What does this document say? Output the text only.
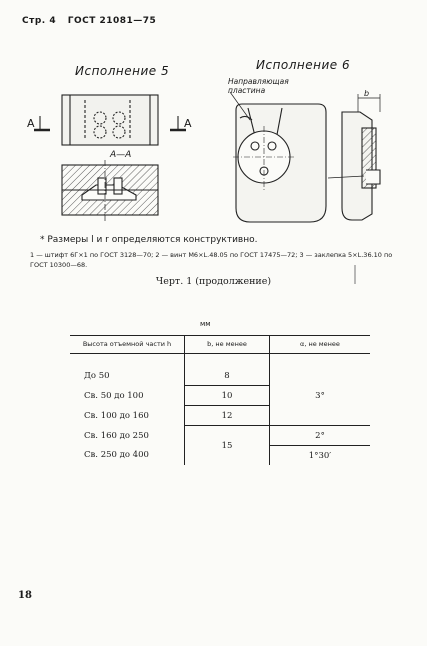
Стр. 4 ГОСТ 21081—75
Исполнение 5	Исполнение 6
А	А
А—А
Направляющая пластина	b
* Размеры l и r определяются конструктивно.
1 — штифт 6Г×1 по ГОСТ 3128—70; 2 — винт М6×L.48.05 по ГОСТ 17475—72; 3 — заклепка 5×L.36.10 по ГОСТ 10300—68.
Черт. 1 (продолжение)
мм
Высота отъемной части h	b, не менее	α, не менее
До 50	8	3°
Св. 50 до 100	10	
Св. 100 до 160	12	
Св. 160 до 250	15	2°
Св. 250 до 400		1°30′
18
